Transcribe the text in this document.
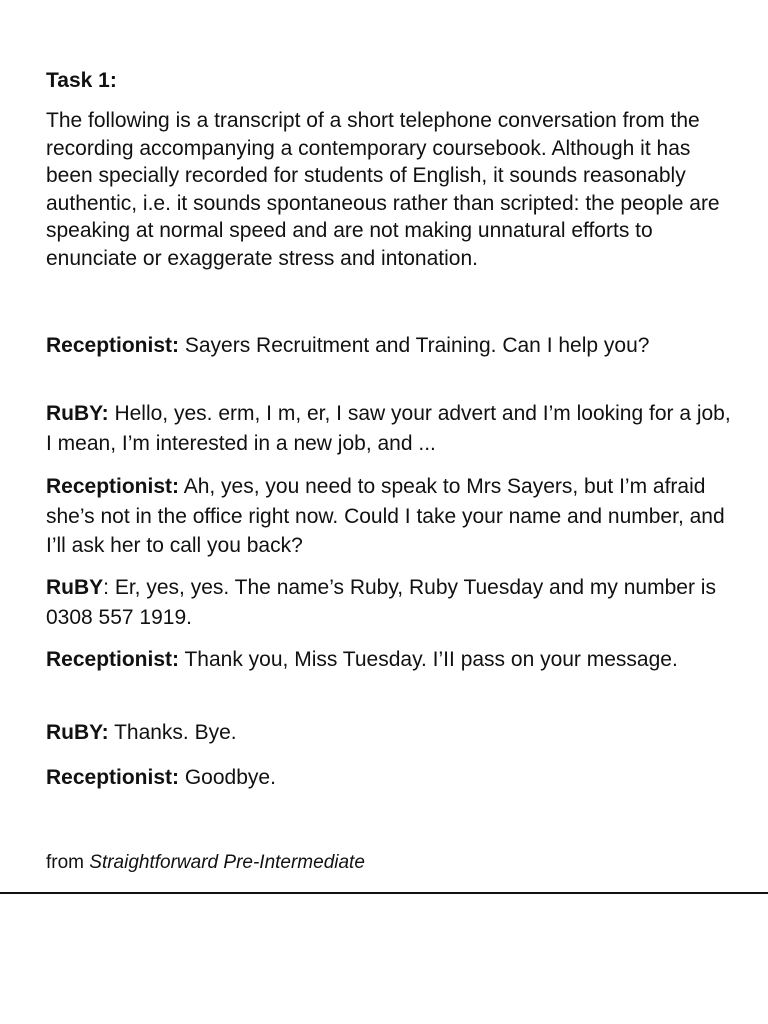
Task 1:
The following is a transcript of a short telephone conversation from the recording accompanying a contemporary coursebook. Although it has been specially recorded for students of English, it sounds reasonably authentic, i.e. it sounds spontaneous rather than scripted: the people are speaking at normal speed and are not making unnatural efforts to enunciate or exaggerate stress and intonation.
Receptionist: Sayers Recruitment and Training. Can I help you?
RuBY: Hello, yes. erm, I m, er, I saw your advert and I’m looking for a job, I mean, I’m interested in a new job, and ...
Receptionist: Ah, yes, you need to speak to Mrs Sayers, but I’m afraid she’s not in the office right now. Could I take your name and number, and I’ll ask her to call you back?
RuBY: Er, yes, yes. The name’s Ruby, Ruby Tuesday and my number is 0308 557 1919.
Receptionist: Thank you, Miss Tuesday. I’II pass on your message.
RuBY: Thanks. Bye.
Receptionist: Goodbye.
from Straightforward Pre-Intermediate
